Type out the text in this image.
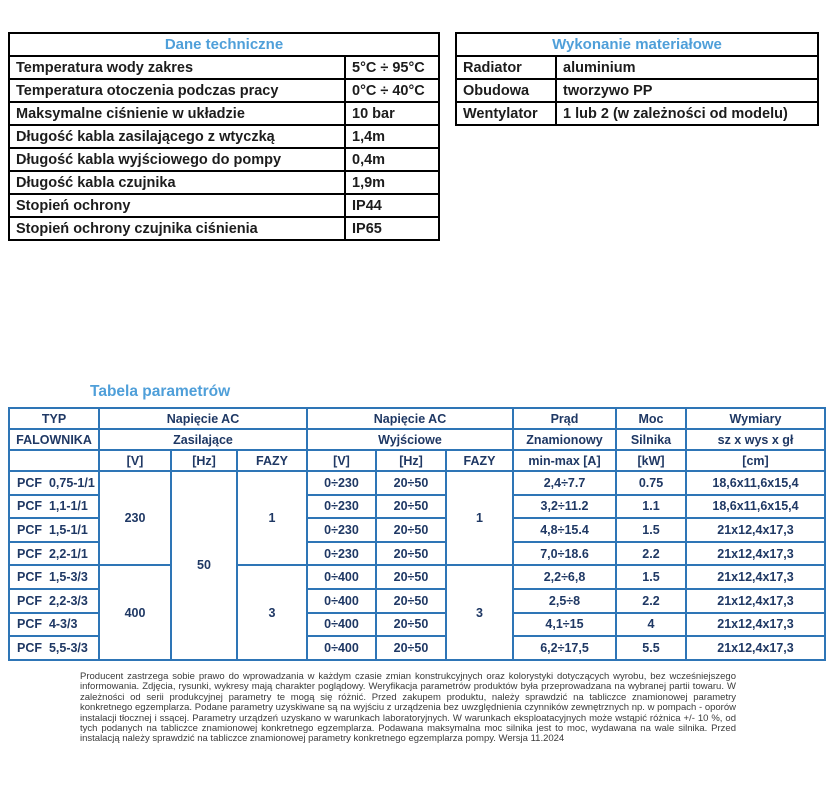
Dane techniczne	
Temperatura wody zakres	5°C ÷ 95°C
Temperatura otoczenia podczas pracy	0°C ÷ 40°C
Maksymalne ciśnienie w układzie	10 bar
Długość kabla zasilającego z wtyczką	1,4m
Długość kabla wyjściowego do pompy	0,4m
Długość kabla czujnika	1,9m
Stopień ochrony	IP44
Stopień ochrony czujnika ciśnienia	IP65
Wykonanie materiałowe	
Radiator	aluminium
Obudowa	tworzywo PP
Wentylator	1 lub 2 (w zależności od modelu)
Tabela parametrów
TYP	Napięcie AC			Napięcie AC			Prąd	Moc	Wymiary
FALOWNIKA	Zasilające			Wyjściowe			Znamionowy	Silnika	sz x wys x gł
	[V]	[Hz]	FAZY	[V]	[Hz]	FAZY	min-max [A]	[kW]	[cm]
PCF  0,75-1/1	230	50	1	0÷230	20÷50	1	2,4÷7.7	0.75	18,6x11,6x15,4
PCF  1,1-1/1				0÷230	20÷50		3,2÷11.2	1.1	18,6x11,6x15,4
PCF  1,5-1/1				0÷230	20÷50		4,8÷15.4	1.5	21x12,4x17,3
PCF  2,2-1/1				0÷230	20÷50		7,0÷18.6	2.2	21x12,4x17,3
PCF  1,5-3/3	400		3	0÷400	20÷50	3	2,2÷6,8	1.5	21x12,4x17,3
PCF  2,2-3/3				0÷400	20÷50		2,5÷8	2.2	21x12,4x17,3
PCF  4-3/3				0÷400	20÷50		4,1÷15	4	21x12,4x17,3
PCF  5,5-3/3				0÷400	20÷50		6,2÷17,5	5.5	21x12,4x17,3

Producent zastrzega sobie prawo do wprowadzania w każdym czasie zmian konstrukcyjnych oraz kolorystyki dotyczących wyrobu, bez wcześniejszego informowania. Zdjęcia, rysunki, wykresy mają charakter poglądowy. Weryfikacja parametrów produktów była przeprowadzana na wybranej partii towaru. W zależności od serii produkcyjnej parametry te mogą się różnić. Przed zakupem produktu, należy sprawdzić na tabliczce znamionowej parametry konkretnego egzemplarza. Podane parametry uzyskiwane są na wyjściu z urządzenia bez uwzględnienia czynników zewnętrznych np. w pompach - oporów instalacji tłocznej i ssącej. Parametry urządzeń uzyskano w warunkach laboratoryjnych. W warunkach eksploatacyjnych może wstąpić różnica +/- 10 %, od tych podanych na tabliczce znamionowej konkretnego egzemplarza. Podawana maksymalna moc silnika jest to moc, wydawana na wale silnika. Przed instalacją należy sprawdzić na tabliczce znamionowej parametry konkretnego egzemplarza pompy. Wersja 11.2024
